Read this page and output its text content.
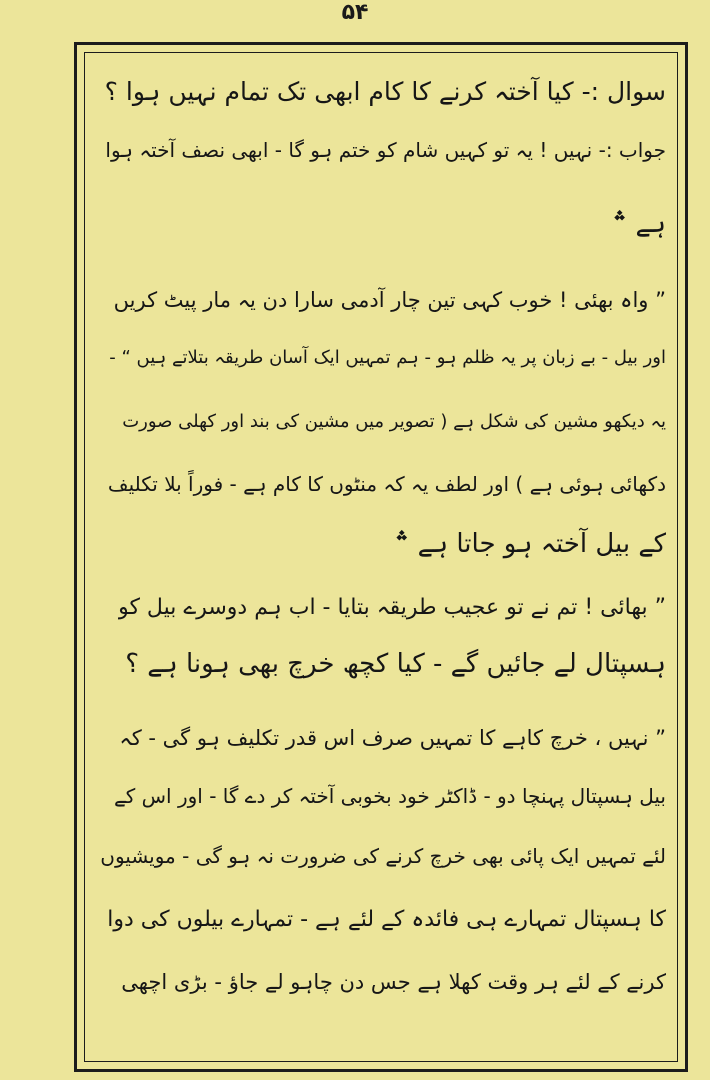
۵۴
سوال :- کیا آختہ کرنے کا کام ابھی تک تمام نہیں ہوا ؟
جواب :- نہیں ! یہ تو کہیں شام کو ختم ہو گا - ابھی نصف آختہ ہوا
ہے ؞
” واہ بھئی ! خوب کہی تین چار آدمی سارا دن یہ مار پیٹ کریں
اور بیل - بے زبان پر یہ ظلم ہو - ہم تمہیں ایک آسان طریقہ بتلاتے ہیں “ -
یہ دیکھو مشین کی شکل ہے ( تصویر میں مشین کی بند اور کھلی صورت
دکھائی ہوئی ہے ) اور لطف یہ کہ منٹوں کا کام ہے - فوراً بلا تکلیف
کے بیل آختہ ہو جاتا ہے ؞
” بھائی ! تم نے تو عجیب طریقہ بتایا - اب ہم دوسرے بیل کو
ہسپتال لے جائیں گے - کیا کچھ خرچ بھی ہونا ہے ؟
” نہیں ، خرچ کاہے کا تمہیں صرف اس قدر تکلیف ہو گی - کہ
بیل ہسپتال پہنچا دو - ڈاکٹر خود بخوبی آختہ کر دے گا - اور اس کے
لئے تمہیں ایک پائی بھی خرچ کرنے کی ضرورت نہ ہو گی - مویشیوں
کا ہسپتال تمہارے ہی فائدہ کے لئے ہے - تمہارے بیلوں کی دوا
کرنے کے لئے ہر وقت کھلا ہے جس دن چاہو لے جاؤ - بڑی اچھی
